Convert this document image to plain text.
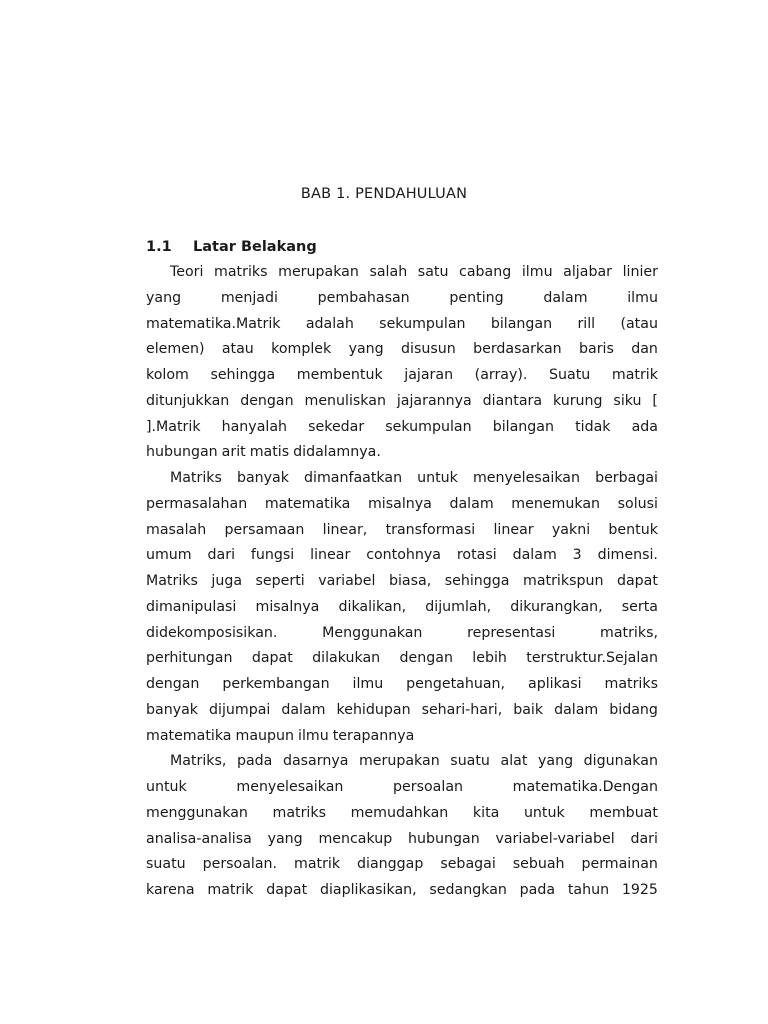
BAB 1. PENDAHULUAN
1.1	Latar Belakang
Teori matriks merupakan salah satu cabang ilmu aljabar linier
yang	menjadi	pembahasan	penting	dalam	ilmu
matematika.Matrik adalah sekumpulan bilangan rill (atau
elemen) atau komplek yang disusun berdasarkan baris dan
kolom sehingga membentuk jajaran (array). Suatu matrik
ditunjukkan dengan menuliskan jajarannya diantara kurung siku [
].Matrik hanyalah sekedar sekumpulan bilangan tidak ada
hubungan arit matis didalamnya.
Matriks banyak dimanfaatkan untuk menyelesaikan berbagai
permasalahan matematika misalnya dalam menemukan solusi
masalah persamaan linear, transformasi linear yakni bentuk
umum dari fungsi linear contohnya rotasi dalam 3 dimensi.
Matriks juga seperti variabel biasa, sehingga matrikspun dapat
dimanipulasi misalnya dikalikan, dijumlah, dikurangkan, serta
didekomposisikan.	Menggunakan	representasi	matriks,
perhitungan dapat dilakukan dengan lebih terstruktur.Sejalan
dengan perkembangan ilmu pengetahuan, aplikasi matriks
banyak dijumpai dalam kehidupan sehari-hari, baik dalam bidang
matematika maupun ilmu terapannya
Matriks, pada dasarnya merupakan suatu alat yang digunakan
untuk	menyelesaikan	persoalan	matematika.Dengan
menggunakan matriks memudahkan kita untuk membuat
analisa-analisa yang mencakup hubungan variabel-variabel dari
suatu persoalan. matrik dianggap sebagai sebuah permainan
karena matrik dapat diaplikasikan, sedangkan pada tahun 1925
